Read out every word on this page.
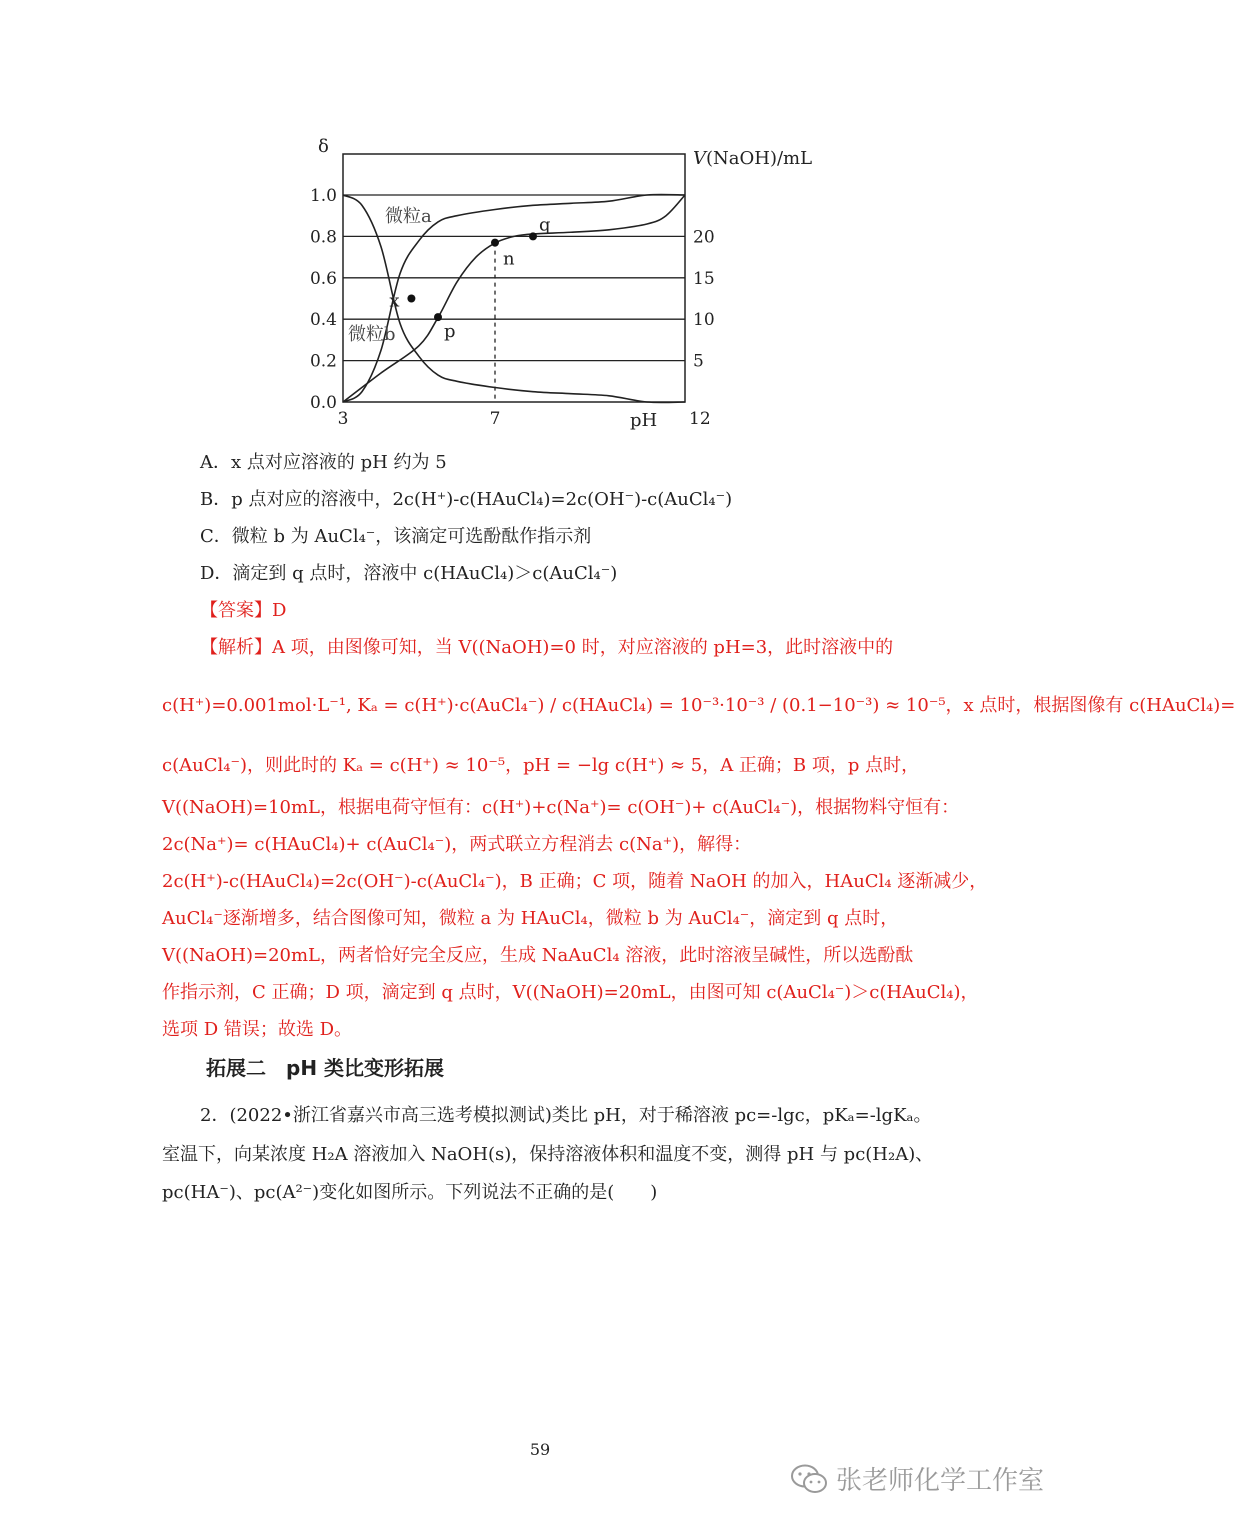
0.0
0.2
0.4
0.6
0.8
1.0
5
10
15
20
3	7	12
pH
δ
V(NaOH)/mL
微粒a
微粒b
x
p
n
q
A．x 点对应溶液的 pH 约为 5
B．p 点对应的溶液中，2c(H⁺)-c(HAuCl₄)=2c(OH⁻)-c(AuCl₄⁻)
C．微粒 b 为 AuCl₄⁻，该滴定可选酚酞作指示剂
D．滴定到 q 点时，溶液中 c(HAuCl₄)＞c(AuCl₄⁻)
【答案】D
【解析】A 项，由图像可知，当 V((NaOH)=0 时，对应溶液的 pH=3，此时溶液中的
c(H⁺)=0.001mol·L⁻¹, Kₐ = c(H⁺)·c(AuCl₄⁻) / c(HAuCl₄) = 10⁻³·10⁻³ / (0.1−10⁻³) ≈ 10⁻⁵，x 点时，根据图像有 c(HAuCl₄)=
c(AuCl₄⁻)，则此时的 Kₐ = c(H⁺) ≈ 10⁻⁵，pH = −lg c(H⁺) ≈ 5，A 正确；B 项，p 点时，
V((NaOH)=10mL，根据电荷守恒有：c(H⁺)+c(Na⁺)= c(OH⁻)+ c(AuCl₄⁻)，根据物料守恒有：
2c(Na⁺)= c(HAuCl₄)+ c(AuCl₄⁻)，两式联立方程消去 c(Na⁺)，解得：
2c(H⁺)-c(HAuCl₄)=2c(OH⁻)-c(AuCl₄⁻)，B 正确；C 项，随着 NaOH 的加入，HAuCl₄ 逐渐减少，
AuCl₄⁻逐渐增多，结合图像可知，微粒 a 为 HAuCl₄，微粒 b 为 AuCl₄⁻，滴定到 q 点时，
V((NaOH)=20mL，两者恰好完全反应，生成 NaAuCl₄ 溶液，此时溶液呈碱性，所以选酚酞
作指示剂，C 正确；D 项，滴定到 q 点时，V((NaOH)=20mL，由图可知 c(AuCl₄⁻)＞c(HAuCl₄)，
选项 D 错误；故选 D。
拓展二　pH 类比变形拓展
2．(2022•浙江省嘉兴市高三选考模拟测试)类比 pH，对于稀溶液 pc=-lgc，pKₐ=-lgKₐ。
室温下，向某浓度 H₂A 溶液加入 NaOH(s)，保持溶液体积和温度不变，测得 pH 与 pc(H₂A)、
pc(HA⁻)、pc(A²⁻)变化如图所示。下列说法不正确的是(　　)
59
张老师化学工作室
